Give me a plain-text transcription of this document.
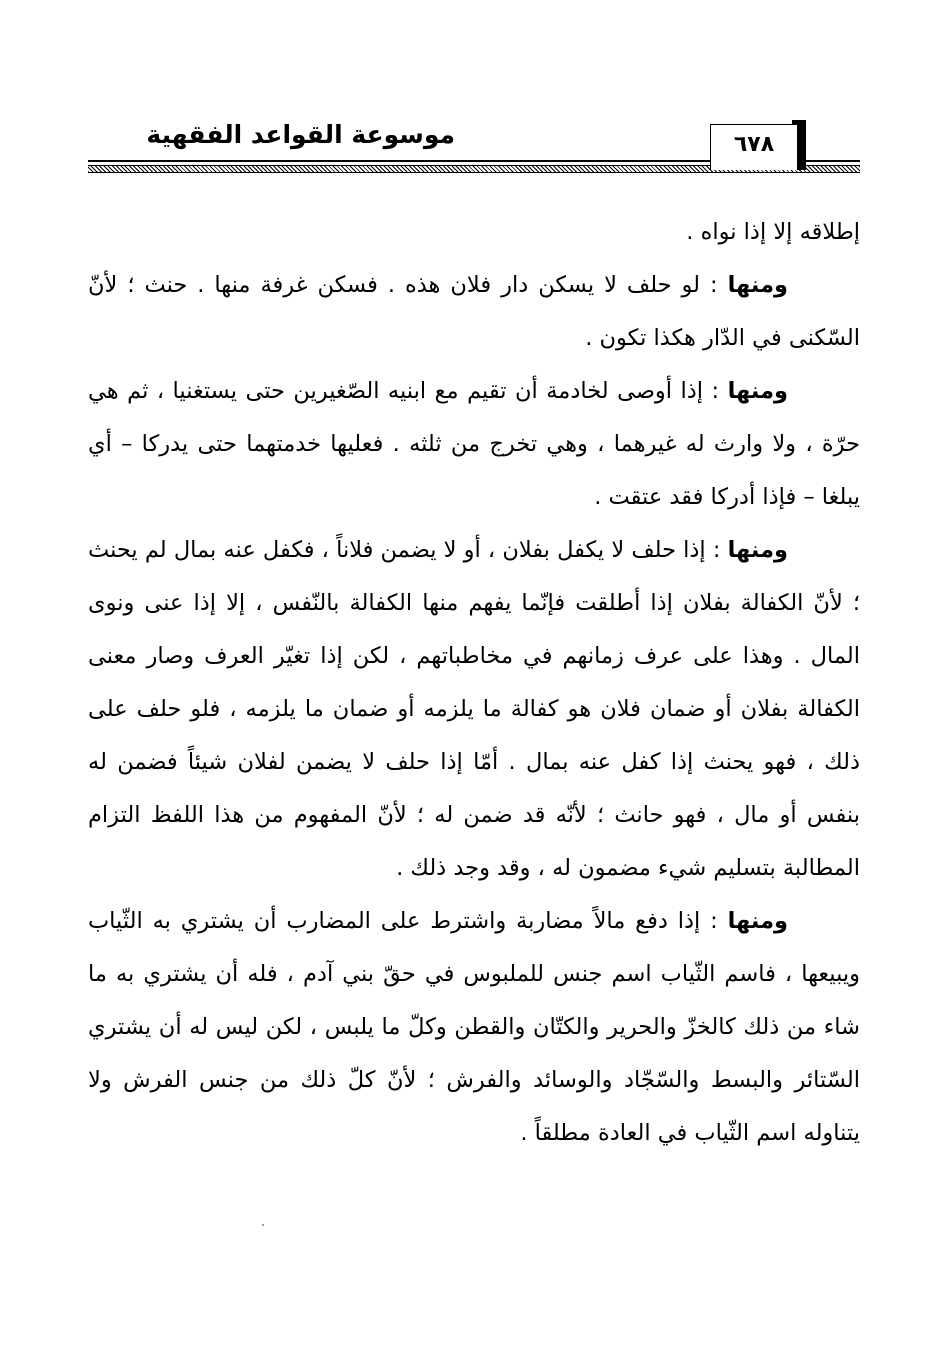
موسوعة القواعد الفقهية	٦٧٨

إطلاقه إلا إذا نواه .

ومنها : لو حلف لا يسكن دار فلان هذه . فسكن غرفة منها . حنث ؛ لأنّ السّكنى في الدّار هكذا تكون .

ومنها : إذا أوصى لخادمة أن تقيم مع ابنيه الصّغيرين حتى يستغنيا ، ثم هي حرّة ، ولا وارث له غيرهما ، وهي تخرج من ثلثه . فعليها خدمتهما حتى يدركا – أي يبلغا – فإذا أدركا فقد عتقت .

ومنها : إذا حلف لا يكفل بفلان ، أو لا يضمن فلاناً ، فكفل عنه بمال لم يحنث ؛ لأنّ الكفالة بفلان إذا أطلقت فإنّما يفهم منها الكفالة بالنّفس ، إلا إذا عنى ونوى المال . وهذا على عرف زمانهم في مخاطباتهم ، لكن إذا تغيّر العرف وصار معنى الكفالة بفلان أو ضمان فلان هو كفالة ما يلزمه أو ضمان ما يلزمه ، فلو حلف على ذلك ، فهو يحنث إذا كفل عنه بمال . أمّا إذا حلف لا يضمن لفلان شيئاً فضمن له بنفس أو مال ، فهو حانث ؛ لأنّه قد ضمن له ؛ لأنّ المفهوم من هذا اللفظ التزام المطالبة بتسليم شيء مضمون له ، وقد وجد ذلك .

ومنها : إذا دفع مالاً مضاربة واشترط على المضارب أن يشتري به الثّياب ويبيعها ، فاسم الثّياب اسم جنس للملبوس في حقّ بني آدم ، فله أن يشتري به ما شاء من ذلك كالخزّ والحرير والكتّان والقطن وكلّ ما يلبس ، لكن ليس له أن يشتري السّتائر والبسط والسّجّاد والوسائد والفرش ؛ لأنّ كلّ ذلك من جنس الفرش ولا يتناوله اسم الثّياب في العادة مطلقاً .
